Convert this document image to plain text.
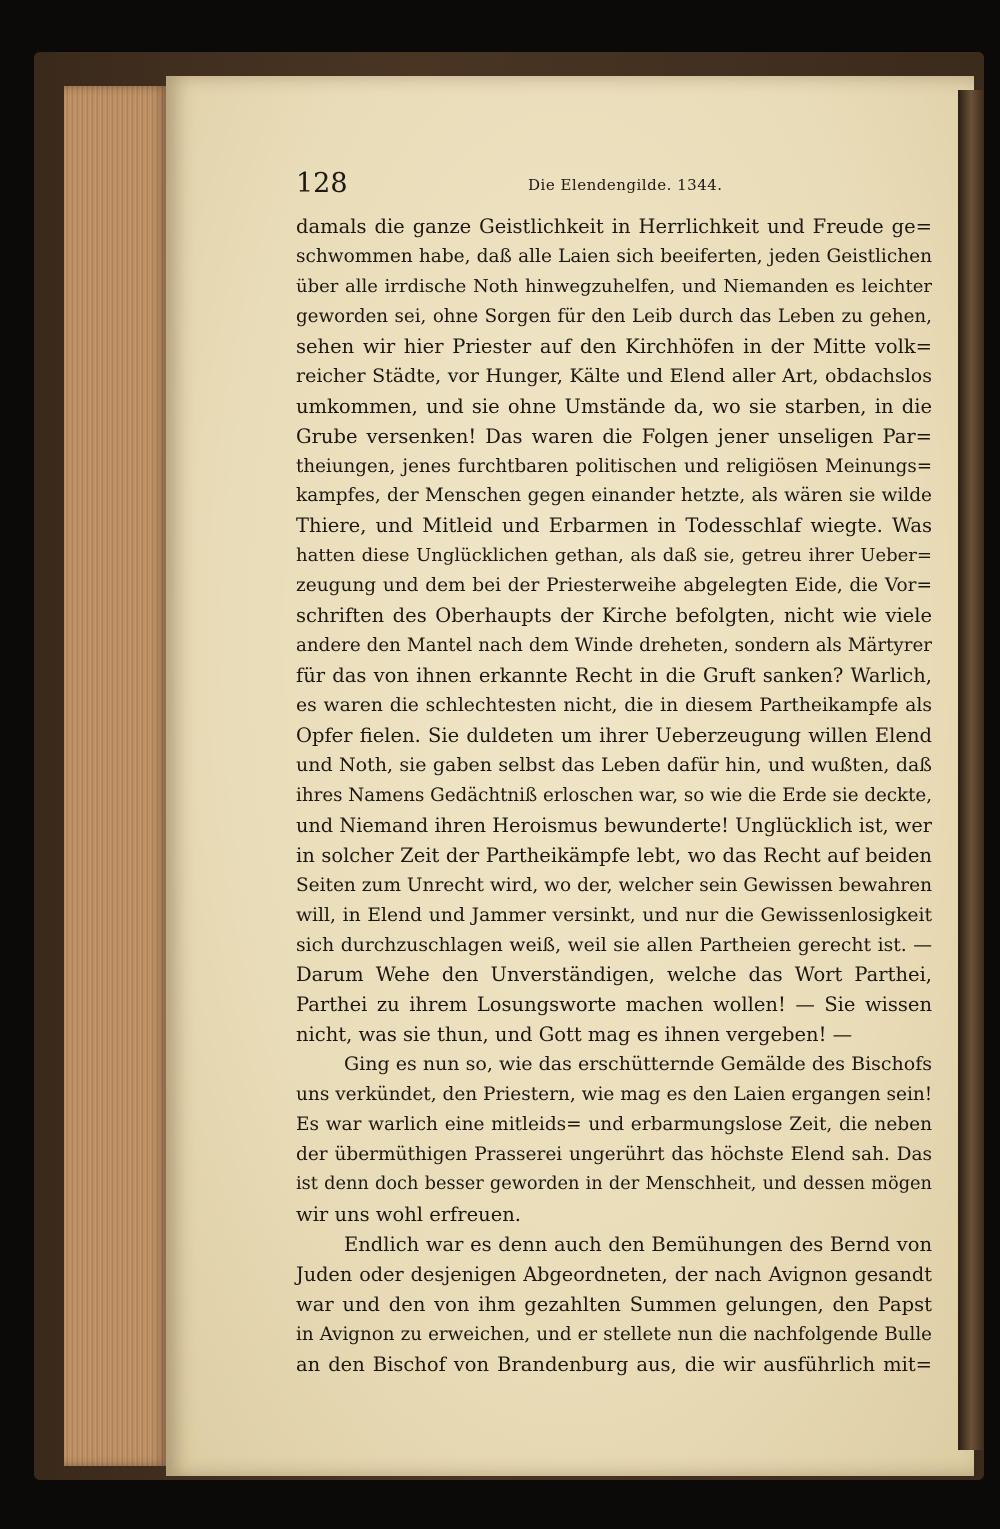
128	Die Elendengilde. 1344.
damals die ganze Geistlichkeit in Herrlichkeit und Freude ge=
schwommen habe, daß alle Laien sich beeiferten, jeden Geistlichen
über alle irrdische Noth hinwegzuhelfen, und Niemanden es leichter
geworden sei, ohne Sorgen für den Leib durch das Leben zu gehen,
sehen wir hier Priester auf den Kirchhöfen in der Mitte volk=
reicher Städte, vor Hunger, Kälte und Elend aller Art, obdachslos
umkommen, und sie ohne Umstände da, wo sie starben, in die
Grube versenken! Das waren die Folgen jener unseligen Par=
theiungen, jenes furchtbaren politischen und religiösen Meinungs=
kampfes, der Menschen gegen einander hetzte, als wären sie wilde
Thiere, und Mitleid und Erbarmen in Todesschlaf wiegte. Was
hatten diese Unglücklichen gethan, als daß sie, getreu ihrer Ueber=
zeugung und dem bei der Priesterweihe abgelegten Eide, die Vor=
schriften des Oberhaupts der Kirche befolgten, nicht wie viele
andere den Mantel nach dem Winde dreheten, sondern als Märtyrer
für das von ihnen erkannte Recht in die Gruft sanken? Warlich,
es waren die schlechtesten nicht, die in diesem Partheikampfe als
Opfer fielen. Sie duldeten um ihrer Ueberzeugung willen Elend
und Noth, sie gaben selbst das Leben dafür hin, und wußten, daß
ihres Namens Gedächtniß erloschen war, so wie die Erde sie deckte,
und Niemand ihren Heroismus bewunderte! Unglücklich ist, wer
in solcher Zeit der Partheikämpfe lebt, wo das Recht auf beiden
Seiten zum Unrecht wird, wo der, welcher sein Gewissen bewahren
will, in Elend und Jammer versinkt, und nur die Gewissenlosigkeit
sich durchzuschlagen weiß, weil sie allen Partheien gerecht ist. —
Darum Wehe den Unverständigen, welche das Wort Parthei,
Parthei zu ihrem Losungsworte machen wollen! — Sie wissen
nicht, was sie thun, und Gott mag es ihnen vergeben! —
Ging es nun so, wie das erschütternde Gemälde des Bischofs
uns verkündet, den Priestern, wie mag es den Laien ergangen sein!
Es war warlich eine mitleids= und erbarmungslose Zeit, die neben
der übermüthigen Prasserei ungerührt das höchste Elend sah. Das
ist denn doch besser geworden in der Menschheit, und dessen mögen
wir uns wohl erfreuen.
Endlich war es denn auch den Bemühungen des Bernd von
Juden oder desjenigen Abgeordneten, der nach Avignon gesandt
war und den von ihm gezahlten Summen gelungen, den Papst
in Avignon zu erweichen, und er stellete nun die nachfolgende Bulle
an den Bischof von Brandenburg aus, die wir ausführlich mit=
